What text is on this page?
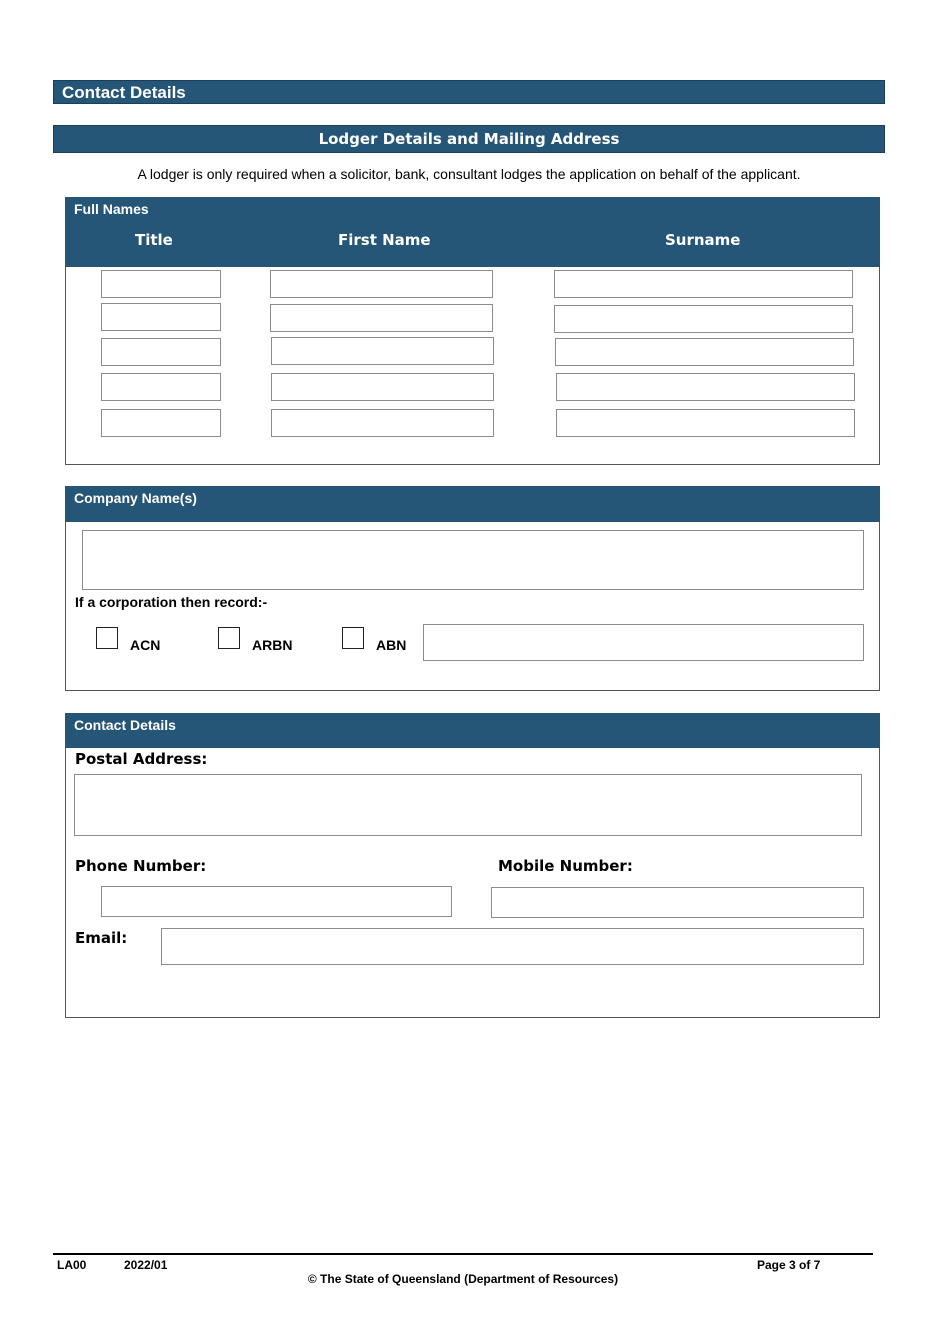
Contact Details
Lodger Details and Mailing Address
A lodger is only required when a solicitor, bank, consultant lodges the application on behalf of the applicant.
Full Names
Title	First Name	Surname
Company Name(s)
If a corporation then record:-
ACN	ARBN	ABN
Contact Details
Postal Address:
Phone Number:	Mobile Number:
Email:
LA00	2022/01	Page 3 of 7
© The State of Queensland (Department of Resources)
